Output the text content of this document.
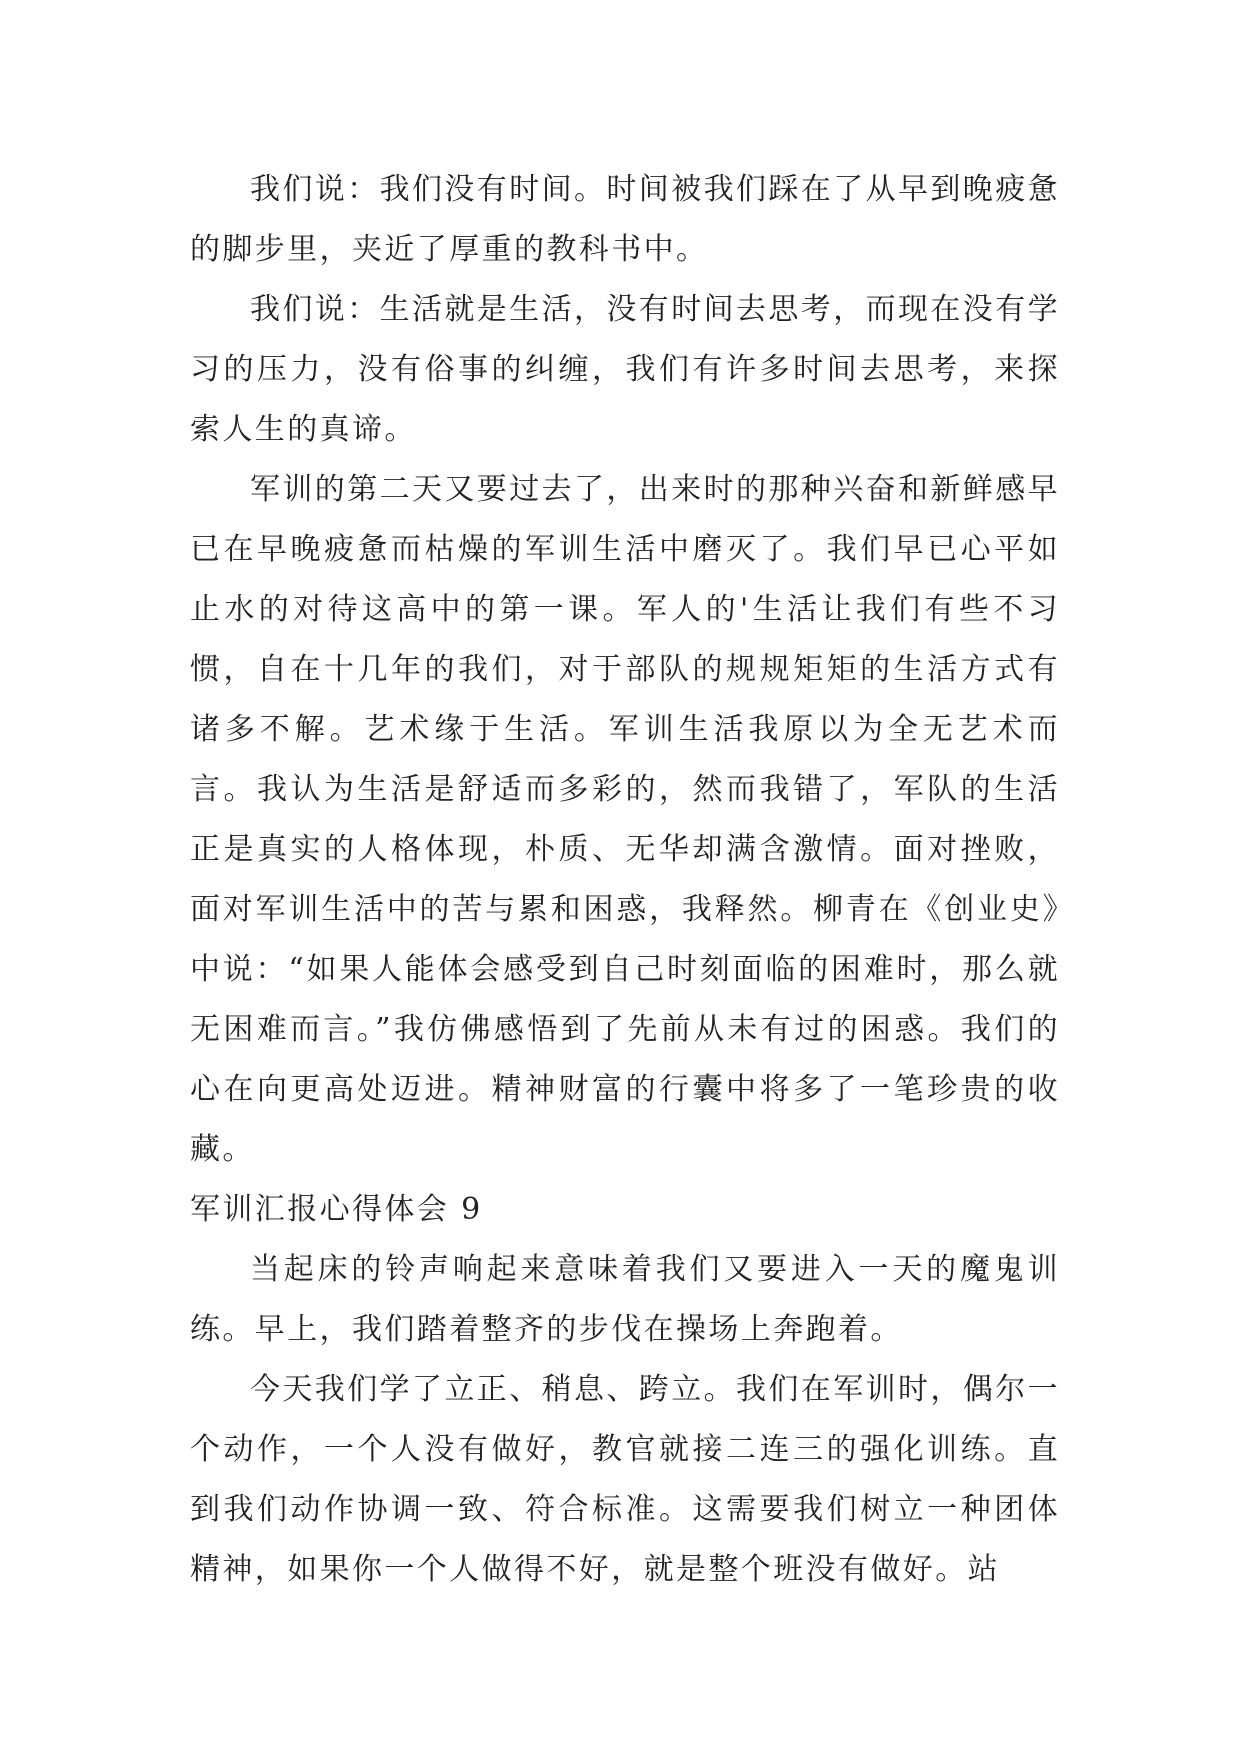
我们说：我们没有时间。时间被我们踩在了从早到晚疲惫的脚步里，夹近了厚重的教科书中。

我们说：生活就是生活，没有时间去思考，而现在没有学习的压力，没有俗事的纠缠，我们有许多时间去思考，来探索人生的真谛。

军训的第二天又要过去了，出来时的那种兴奋和新鲜感早已在早晚疲惫而枯燥的军训生活中磨灭了。我们早已心平如止水的对待这高中的第一课。军人的'生活让我们有些不习惯，自在十几年的我们，对于部队的规规矩矩的生活方式有诸多不解。艺术缘于生活。军训生活我原以为全无艺术而言。我认为生活是舒适而多彩的，然而我错了，军队的生活正是真实的人格体现，朴质、无华却满含激情。面对挫败，面对军训生活中的苦与累和困惑，我释然。柳青在《创业史》中说：“如果人能体会感受到自己时刻面临的困难时，那么就无困难而言。”我仿佛感悟到了先前从未有过的困惑。我们的心在向更高处迈进。精神财富的行囊中将多了一笔珍贵的收藏。

军训汇报心得体会 9

当起床的铃声响起来意味着我们又要进入一天的魔鬼训练。早上，我们踏着整齐的步伐在操场上奔跑着。

今天我们学了立正、稍息、跨立。我们在军训时，偶尔一个动作，一个人没有做好，教官就接二连三的强化训练。直到我们动作协调一致、符合标准。这需要我们树立一种团体精神，如果你一个人做得不好，就是整个班没有做好。站
